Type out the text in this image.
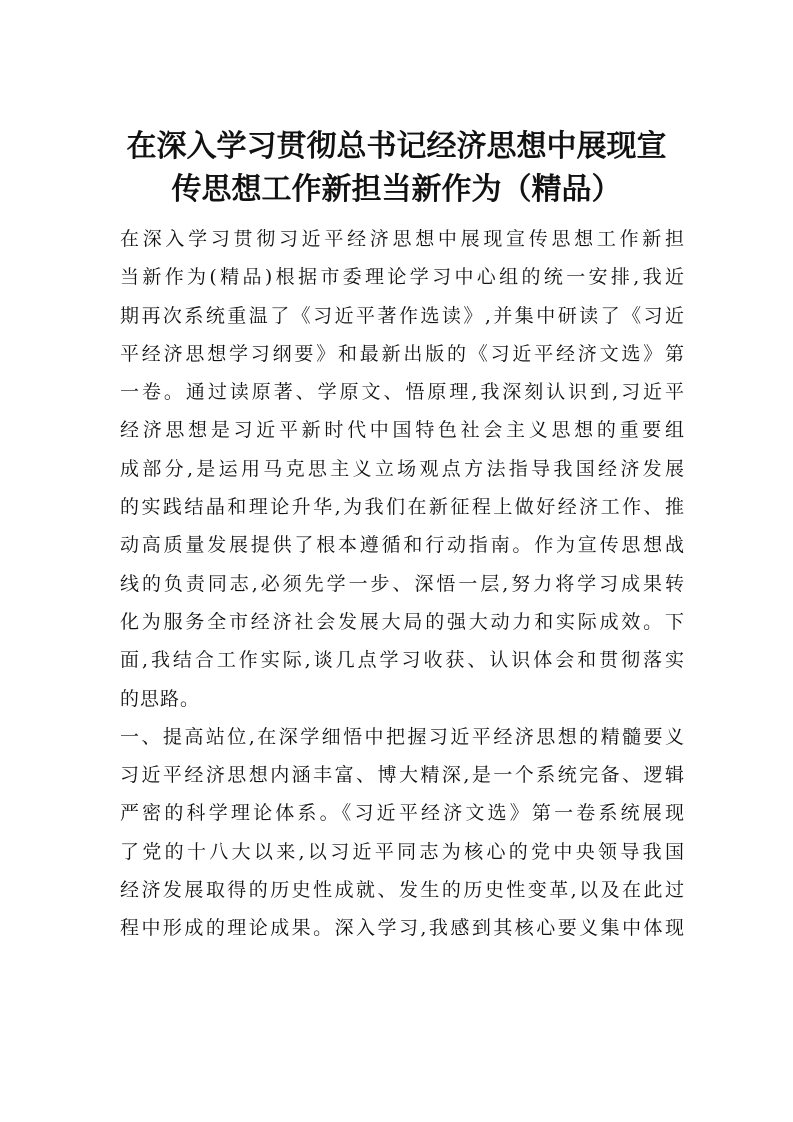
在深入学习贯彻总书记经济思想中展现宣
传思想工作新担当新作为（精品）
在深入学习贯彻习近平经济思想中展现宣传思想工作新担
当新作为(精品)根据市委理论学习中心组的统一安排,我近
期再次系统重温了《习近平著作选读》,并集中研读了《习近
平经济思想学习纲要》和最新出版的《习近平经济文选》第
一卷。通过读原著、学原文、悟原理,我深刻认识到,习近平
经济思想是习近平新时代中国特色社会主义思想的重要组
成部分,是运用马克思主义立场观点方法指导我国经济发展
的实践结晶和理论升华,为我们在新征程上做好经济工作、推
动高质量发展提供了根本遵循和行动指南。作为宣传思想战
线的负责同志,必须先学一步、深悟一层,努力将学习成果转
化为服务全市经济社会发展大局的强大动力和实际成效。下
面,我结合工作实际,谈几点学习收获、认识体会和贯彻落实
的思路。
一、提高站位,在深学细悟中把握习近平经济思想的精髓要义
习近平经济思想内涵丰富、博大精深,是一个系统完备、逻辑
严密的科学理论体系。《习近平经济文选》第一卷系统展现
了党的十八大以来,以习近平同志为核心的党中央领导我国
经济发展取得的历史性成就、发生的历史性变革,以及在此过
程中形成的理论成果。深入学习,我感到其核心要义集中体现
